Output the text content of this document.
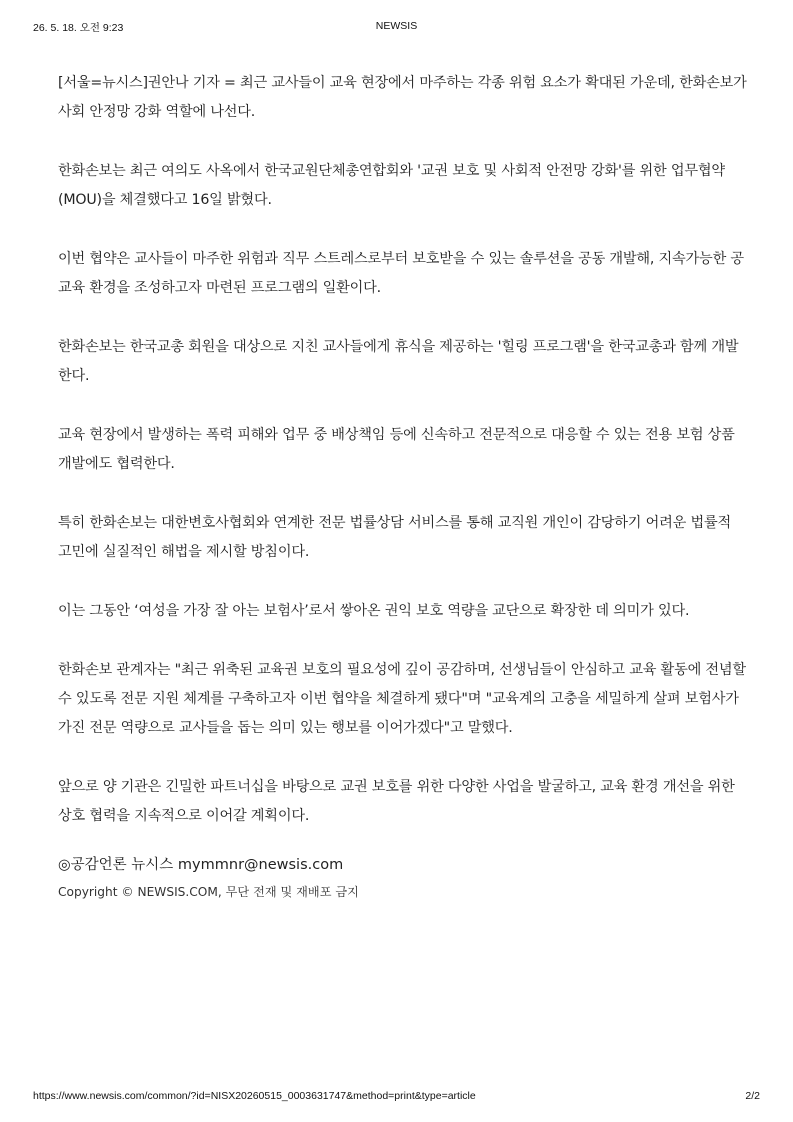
26. 5. 18. 오전 9:23	NEWSIS

[서울=뉴시스]권안나 기자 = 최근 교사들이 교육 현장에서 마주하는 각종 위험 요소가 확대된 가운데, 한화손보가 사회 안정망 강화 역할에 나선다.

한화손보는 최근 여의도 사옥에서 한국교원단체총연합회와 '교권 보호 및 사회적 안전망 강화'를 위한 업무협약(MOU)을 체결했다고 16일 밝혔다.

이번 협약은 교사들이 마주한 위험과 직무 스트레스로부터 보호받을 수 있는 솔루션을 공동 개발해, 지속가능한 공교육 환경을 조성하고자 마련된 프로그램의 일환이다.

한화손보는 한국교총 회원을 대상으로 지친 교사들에게 휴식을 제공하는 '힐링 프로그램'을 한국교총과 함께 개발한다.

교육 현장에서 발생하는 폭력 피해와 업무 중 배상책임 등에 신속하고 전문적으로 대응할 수 있는 전용 보험 상품 개발에도 협력한다.

특히 한화손보는 대한변호사협회와 연계한 전문 법률상담 서비스를 통해 교직원 개인이 감당하기 어려운 법률적 고민에 실질적인 해법을 제시할 방침이다.

이는 그동안 ‘여성을 가장 잘 아는 보험사’로서 쌓아온 권익 보호 역량을 교단으로 확장한 데 의미가 있다.

한화손보 관계자는 "최근 위축된 교육권 보호의 필요성에 깊이 공감하며, 선생님들이 안심하고 교육 활동에 전념할 수 있도록 전문 지원 체계를 구축하고자 이번 협약을 체결하게 됐다"며 "교육계의 고충을 세밀하게 살펴 보험사가 가진 전문 역량으로 교사들을 돕는 의미 있는 행보를 이어가겠다"고 말했다.

앞으로 양 기관은 긴밀한 파트너십을 바탕으로 교권 보호를 위한 다양한 사업을 발굴하고, 교육 환경 개선을 위한 상호 협력을 지속적으로 이어갈 계획이다.

◎공감언론 뉴시스 mymmnr@newsis.com
Copyright © NEWSIS.COM, 무단 전재 및 재배포 금지
https://www.newsis.com/common/?id=NISX20260515_0003631747&method=print&type=article	2/2
